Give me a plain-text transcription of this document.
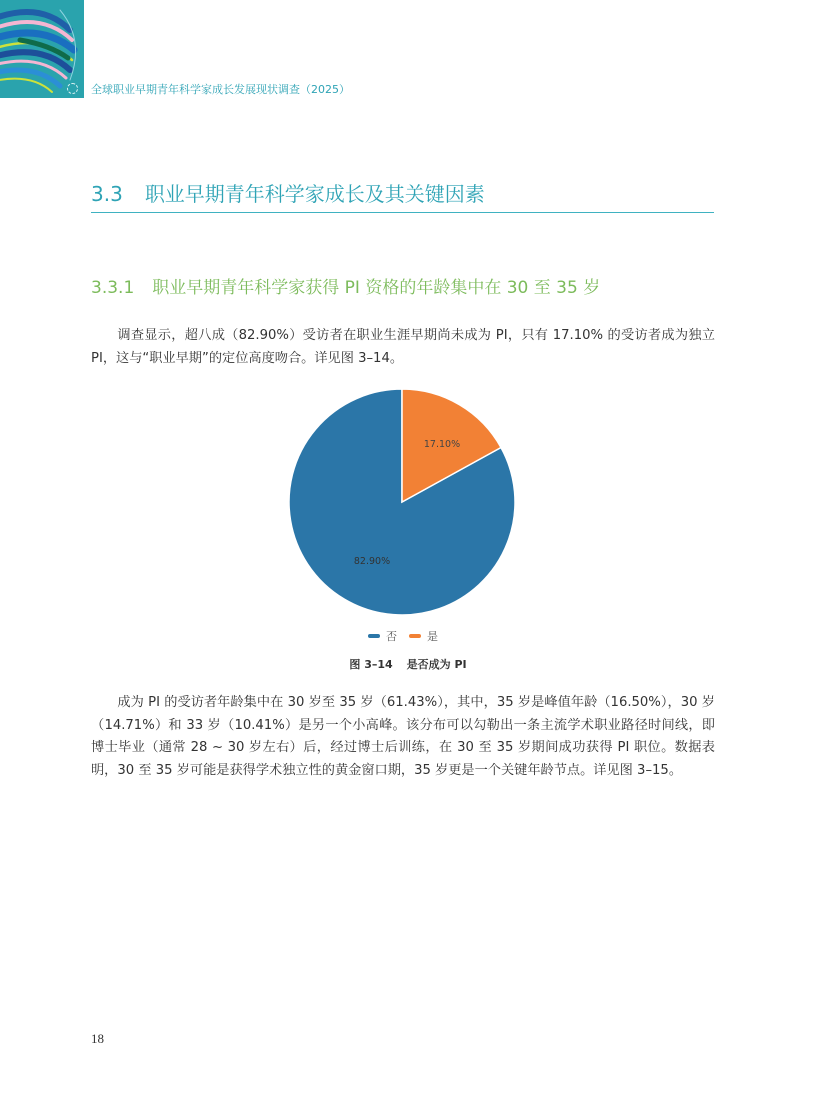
全球职业早期青年科学家成长发展现状调查（2025）
3.3 职业早期青年科学家成长及其关键因素
3.3.1 职业早期青年科学家获得 PI 资格的年龄集中在 30 至 35 岁

调查显示，超八成（82.90%）受访者在职业生涯早期尚未成为 PI，只有 17.10% 的受访者成为独立 PI，这与“职业早期”的定位高度吻合。详见图 3–14。

17.10%
82.90%
否	是
图 3–14 是否成为 PI

成为 PI 的受访者年龄集中在 30 岁至 35 岁（61.43%），其中，35 岁是峰值年龄（16.50%），30 岁（14.71%）和 33 岁（10.41%）是另一个小高峰。该分布可以勾勒出一条主流学术职业路径时间线，即博士毕业（通常 28 ~ 30 岁左右）后，经过博士后训练，在 30 至 35 岁期间成功获得 PI 职位。数据表明，30 至 35 岁可能是获得学术独立性的黄金窗口期，35 岁更是一个关键年龄节点。详见图 3–15。

18
